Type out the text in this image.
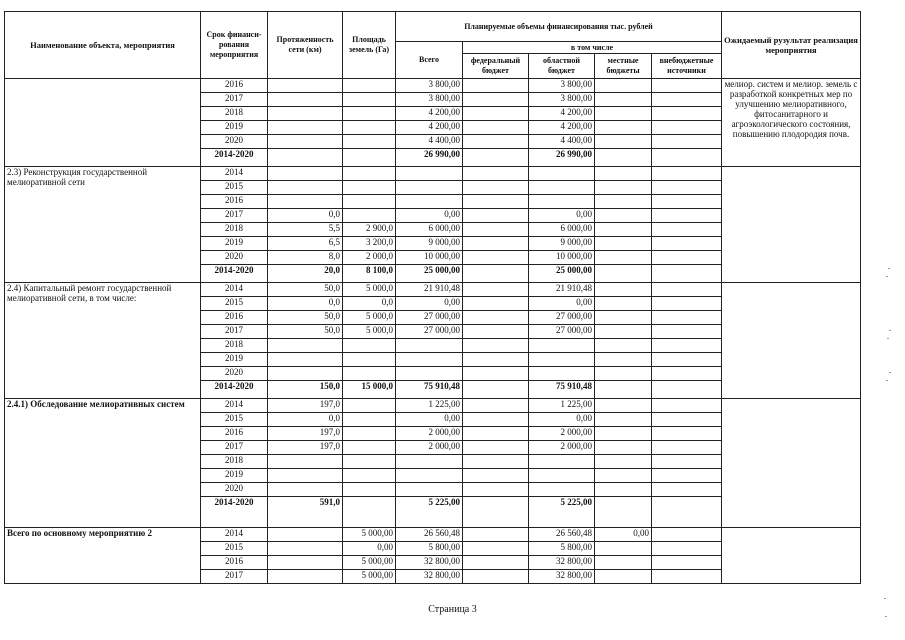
Наименование объекта, мероприятия	Срок финанси-рования мероприятия	Протяженность сети (км)	Площадь земель (Га)	Планируемые объемы финансирования тыс. рублей					Ожидаемый рузультат реализация мероприятия
				Всего	в том числе				
					федеральный бюджет	областной бюджет	местные бюджеты	внебюджетные источники	
	2016			3 800,00		3 800,00			мелиор. систем и мелиор. земель с разработкой конкретных мер по улучшению мелиоративного, фитосанитарного и агроэкологического состояния, повышению плодородия почв.
	2017			3 800,00		3 800,00			
	2018			4 200,00		4 200,00			
	2019			4 200,00		4 200,00			
	2020			4 400,00		4 400,00			
	2014-2020			26 990,00		26 990,00			
2.3) Реконструкция государственной мелиоративной сети	2014								
	2015								
	2016								
	2017	0,0		0,00		0,00			
	2018	5,5	2 900,0	6 000,00		6 000,00			
	2019	6,5	3 200,0	9 000,00		9 000,00			
	2020	8,0	2 000,0	10 000,00		10 000,00			
	2014-2020	20,0	8 100,0	25 000,00		25 000,00			
2.4) Капитальный ремонт государственной мелиоративной сети, в том числе:	2014	50,0	5 000,0	21 910,48		21 910,48			
	2015	0,0	0,0	0,00		0,00			
	2016	50,0	5 000,0	27 000,00		27 000,00			
	2017	50,0	5 000,0	27 000,00		27 000,00			
	2018								
	2019								
	2020								
	2014-2020	150,0	15 000,0	75 910,48		75 910,48			
2.4.1) Обследование мелиоративных систем	2014	197,0		1 225,00		1 225,00			
	2015	0,0		0,00		0,00			
	2016	197,0		2 000,00		2 000,00			
	2017	197,0		2 000,00		2 000,00			
	2018								
	2019								
	2020								
	2014-2020	591,0		5 225,00		5 225,00			
Всего по основному мероприятию 2	2014		5 000,00	26 560,48		26 560,48	0,00		
	2015		0,00	5 800,00		5 800,00			
	2016		5 000,00	32 800,00		32 800,00			
	2017		5 000,00	32 800,00		32 800,00			
Страница 3
